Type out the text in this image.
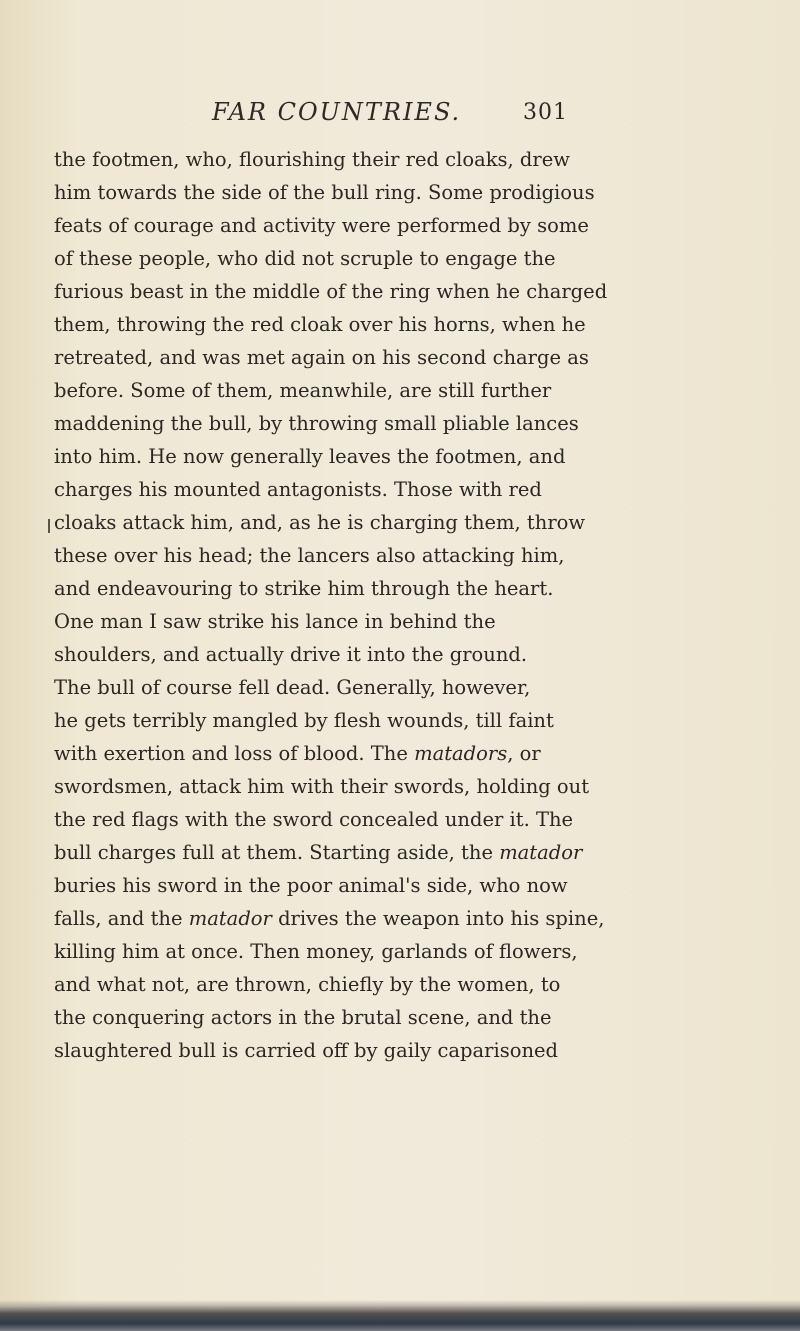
FAR COUNTRIES.	301
the footmen, who, flourishing their red cloaks, drew
him towards the side of the bull ring. Some prodigious
feats of courage and activity were performed by some
of these people, who did not scruple to engage the
furious beast in the middle of the ring when he charged
them, throwing the red cloak over his horns, when he
retreated, and was met again on his second charge as
before. Some of them, meanwhile, are still further
maddening the bull, by throwing small pliable lances
into him. He now generally leaves the footmen, and
charges his mounted antagonists. Those with red
cloaks attack him, and, as he is charging them, throw
these over his head; the lancers also attacking him,
and endeavouring to strike him through the heart.
One man I saw strike his lance in behind the
shoulders, and actually drive it into the ground.
The bull of course fell dead. Generally, however,
he gets terribly mangled by flesh wounds, till faint
with exertion and loss of blood. The matadors, or
swordsmen, attack him with their swords, holding out
the red flags with the sword concealed under it. The
bull charges full at them. Starting aside, the matador
buries his sword in the poor animal's side, who now
falls, and the matador drives the weapon into his spine,
killing him at once. Then money, garlands of flowers,
and what not, are thrown, chiefly by the women, to
the conquering actors in the brutal scene, and the
slaughtered bull is carried off by gaily caparisoned
